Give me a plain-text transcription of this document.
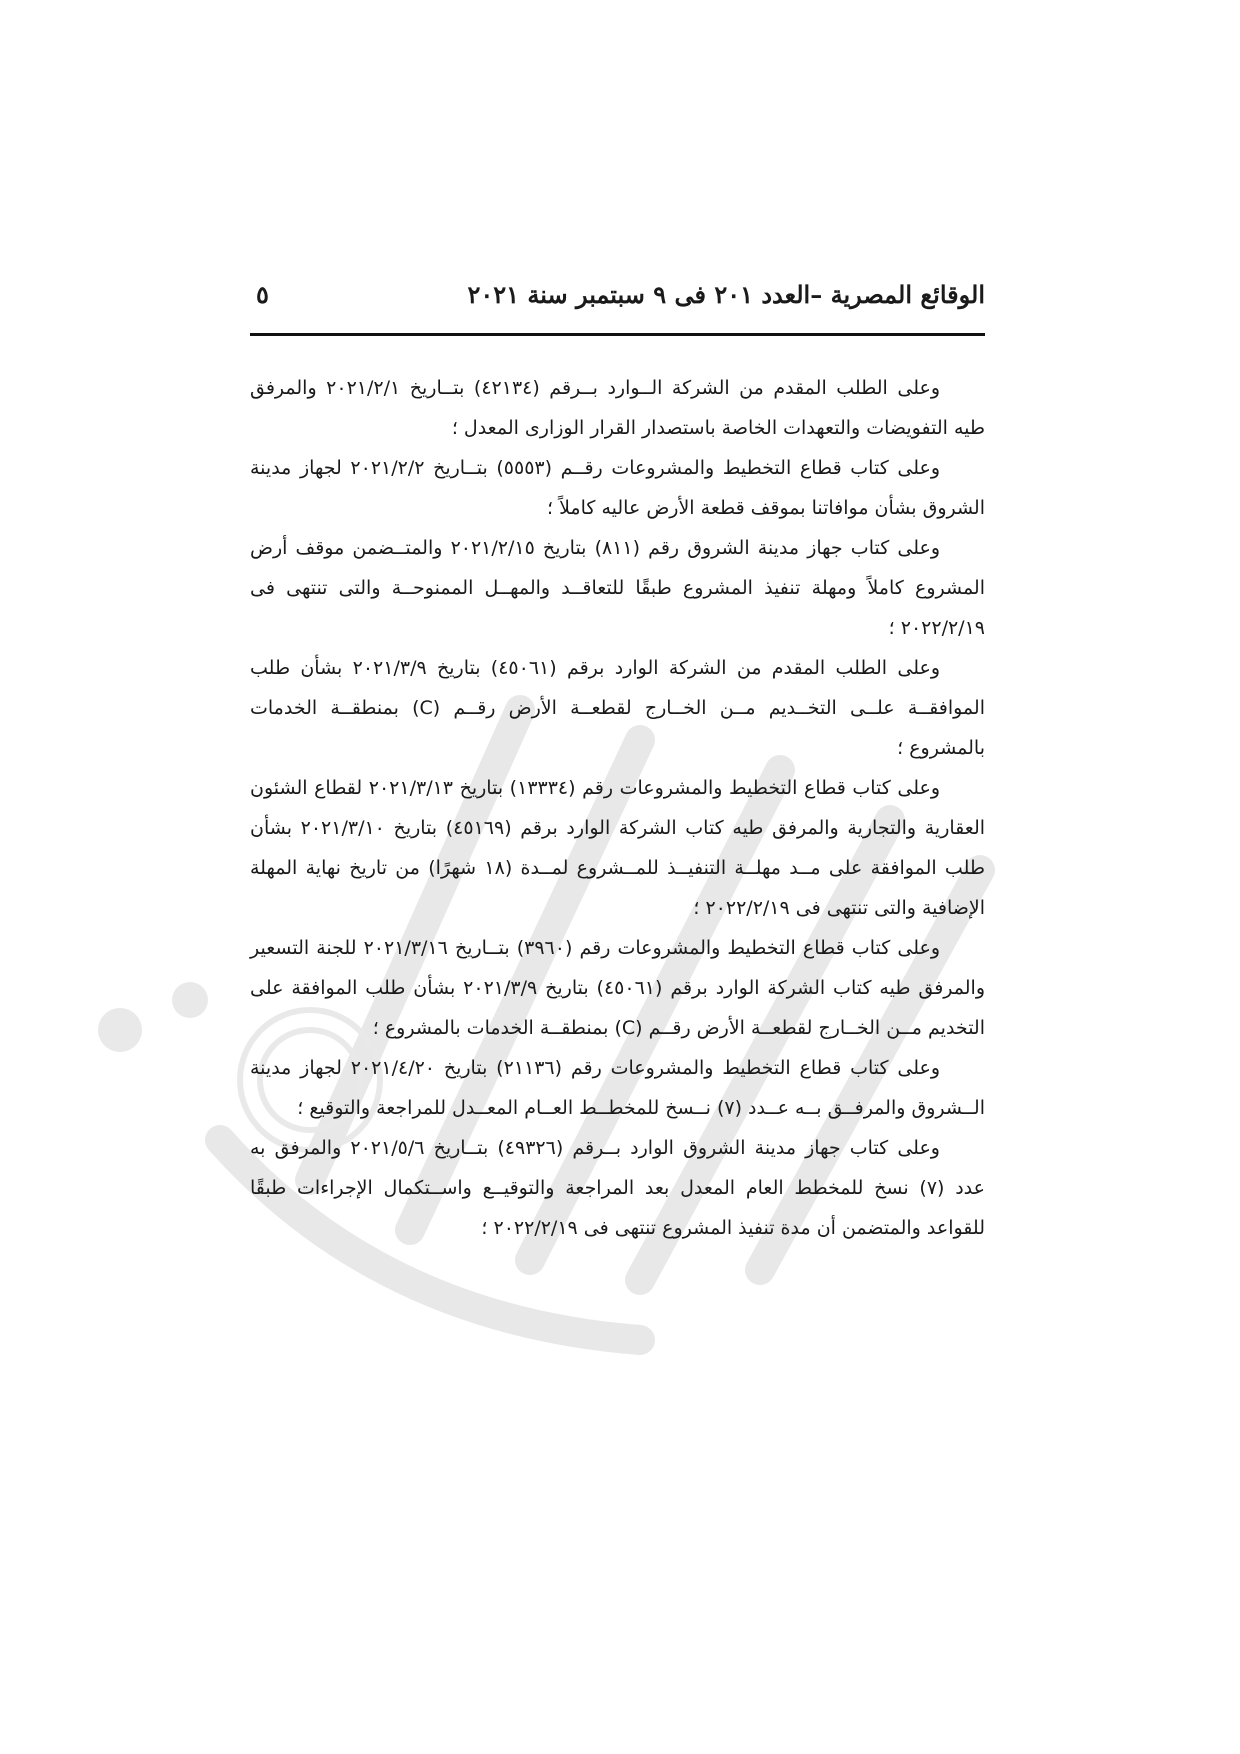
الوقائع المصرية –العدد ٢٠١ فى ٩ سبتمبر سنة ٢٠٢١
٥

وعلى الطلب المقدم من الشركة الــوارد بــرقم (٤٢١٣٤) بتــاريخ ٢٠٢١/٢/١ والمرفق طيه التفويضات والتعهدات الخاصة باستصدار القرار الوزارى المعدل ؛

وعلى كتاب قطاع التخطيط والمشروعات رقــم (٥٥٥٣) بتــاريخ ٢٠٢١/٢/٢ لجهاز مدينة الشروق بشأن موافاتنا بموقف قطعة الأرض عاليه كاملاً ؛

وعلى كتاب جهاز مدينة الشروق رقم (٨١١) بتاريخ ٢٠٢١/٢/١٥ والمتــضمن موقف أرض المشروع كاملاً ومهلة تنفيذ المشروع طبقًا للتعاقــد والمهــل الممنوحــة والتى تنتهى فى ٢٠٢٢/٢/١٩ ؛

وعلى الطلب المقدم من الشركة الوارد برقم (٤٥٠٦١) بتاريخ ٢٠٢١/٣/٩ بشأن طلب الموافقــة علــى التخــديم مــن الخــارج لقطعــة الأرض رقــم (C) بمنطقــة الخدمات بالمشروع ؛

وعلى كتاب قطاع التخطيط والمشروعات رقم (١٣٣٣٤) بتاريخ ٢٠٢١/٣/١٣ لقطاع الشئون العقارية والتجارية والمرفق طيه كتاب الشركة الوارد برقم (٤٥١٦٩) بتاريخ ٢٠٢١/٣/١٠ بشأن طلب الموافقة على مــد مهلــة التنفيــذ للمــشروع لمــدة (١٨ شهرًا) من تاريخ نهاية المهلة الإضافية والتى تنتهى فى ٢٠٢٢/٢/١٩ ؛

وعلى كتاب قطاع التخطيط والمشروعات رقم (٣٩٦٠) بتــاريخ ٢٠٢١/٣/١٦ للجنة التسعير والمرفق طيه كتاب الشركة الوارد برقم (٤٥٠٦١) بتاريخ ٢٠٢١/٣/٩ بشأن طلب الموافقة على التخديم مــن الخــارج لقطعــة الأرض رقــم (C) بمنطقــة الخدمات بالمشروع ؛

وعلى كتاب قطاع التخطيط والمشروعات رقم (٢١١٣٦) بتاريخ ٢٠٢١/٤/٢٠ لجهاز مدينة الــشروق والمرفــق بــه عــدد (٧) نــسخ للمخطــط العــام المعــدل للمراجعة والتوقيع ؛

وعلى كتاب جهاز مدينة الشروق الوارد بــرقم (٤٩٣٢٦) بتــاريخ ٢٠٢١/٥/٦ والمرفق به عدد (٧) نسخ للمخطط العام المعدل بعد المراجعة والتوقيــع واســتكمال الإجراءات طبقًا للقواعد والمتضمن أن مدة تنفيذ المشروع تنتهى فى ٢٠٢٢/٢/١٩ ؛
